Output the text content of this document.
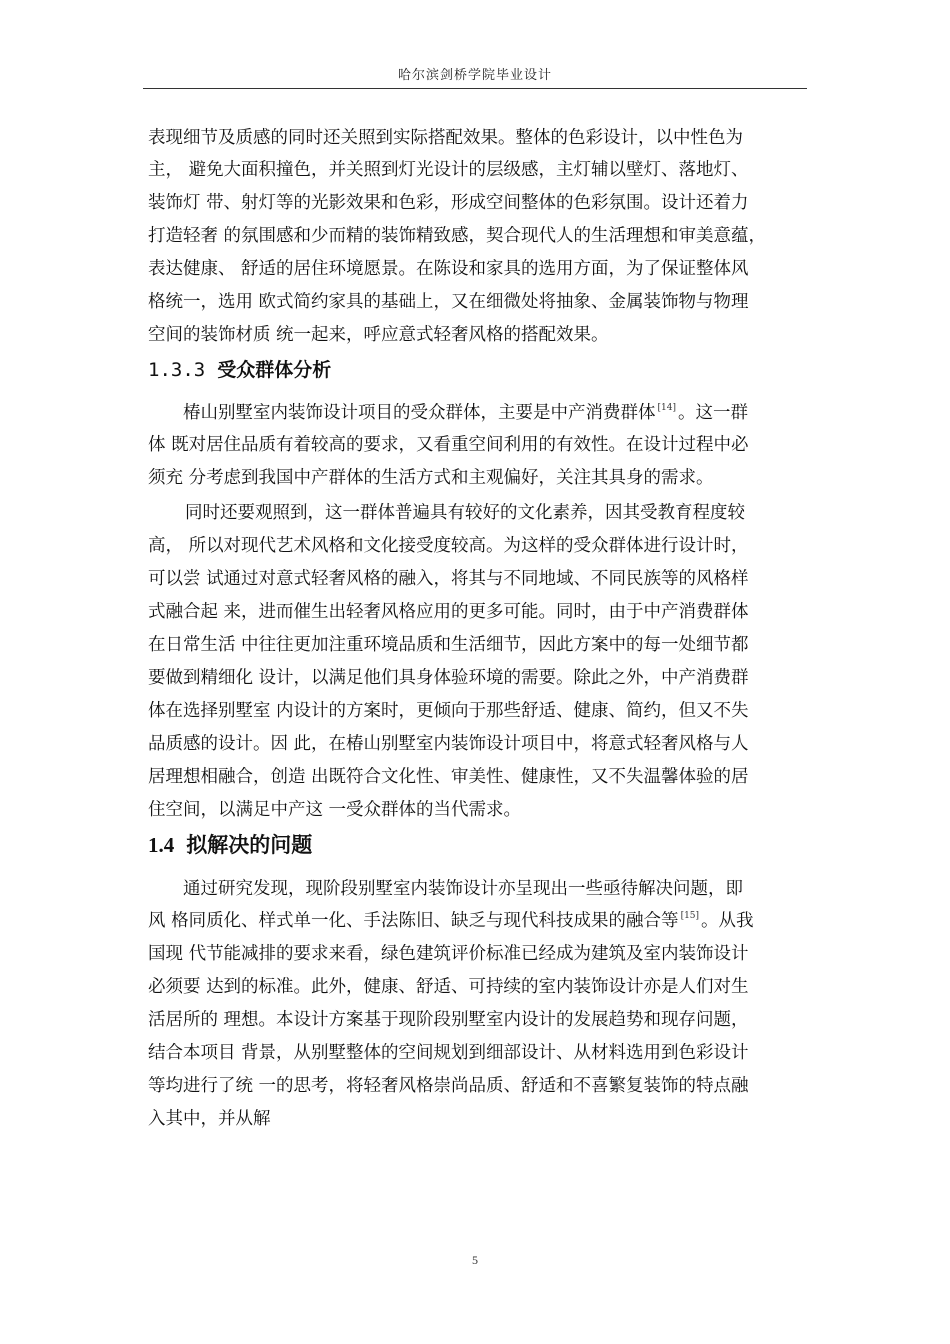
哈尔滨剑桥学院毕业设计
表现细节及质感的同时还关照到实际搭配效果。整体的色彩设计，以中性色为
主， 避免大面积撞色，并关照到灯光设计的层级感，主灯辅以壁灯、落地灯、
装饰灯 带、射灯等的光影效果和色彩，形成空间整体的色彩氛围。设计还着力
打造轻奢 的氛围感和少而精的装饰精致感，契合现代人的生活理想和审美意蕴，
表达健康、 舒适的居住环境愿景。在陈设和家具的选用方面，为了保证整体风
格统一，选用 欧式简约家具的基础上，又在细微处将抽象、金属装饰物与物理
空间的装饰材质 统一起来，呼应意式轻奢风格的搭配效果。
1.3.3 受众群体分析
椿山别墅室内装饰设计项目的受众群体，主要是中产消费群体 [14] 。这一群
体 既对居住品质有着较高的要求，又看重空间利用的有效性。在设计过程中必
须充 分考虑到我国中产群体的生活方式和主观偏好，关注其具身的需求。
同时还要观照到，这一群体普遍具有较好的文化素养，因其受教育程度较
高， 所以对现代艺术风格和文化接受度较高。为这样的受众群体进行设计时，
可以尝 试通过对意式轻奢风格的融入，将其与不同地域、不同民族等的风格样
式融合起 来，进而催生出轻奢风格应用的更多可能。同时，由于中产消费群体
在日常生活 中往往更加注重环境品质和生活细节，因此方案中的每一处细节都
要做到精细化 设计，以满足他们具身体验环境的需要。除此之外，中产消费群
体在选择别墅室 内设计的方案时，更倾向于那些舒适、健康、简约，但又不失
品质感的设计。因 此，在椿山别墅室内装饰设计项目中，将意式轻奢风格与人
居理想相融合，创造 出既符合文化性、审美性、健康性，又不失温馨体验的居
住空间，以满足中产这 一受众群体的当代需求。
1.4 拟解决的问题
通过研究发现，现阶段别墅室内装饰设计亦呈现出一些亟待解决问题，即
风 格同质化、样式单一化、手法陈旧、缺乏与现代科技成果的融合等 [15] 。从我
国现 代节能减排的要求来看，绿色建筑评价标准已经成为建筑及室内装饰设计
必须要 达到的标准。此外，健康、舒适、可持续的室内装饰设计亦是人们对生
活居所的 理想。本设计方案基于现阶段别墅室内设计的发展趋势和现存问题，
结合本项目 背景，从别墅整体的空间规划到细部设计、从材料选用到色彩设计
等均进行了统 一的思考，将轻奢风格崇尚品质、舒适和不喜繁复装饰的特点融
入其中，并从解
5
